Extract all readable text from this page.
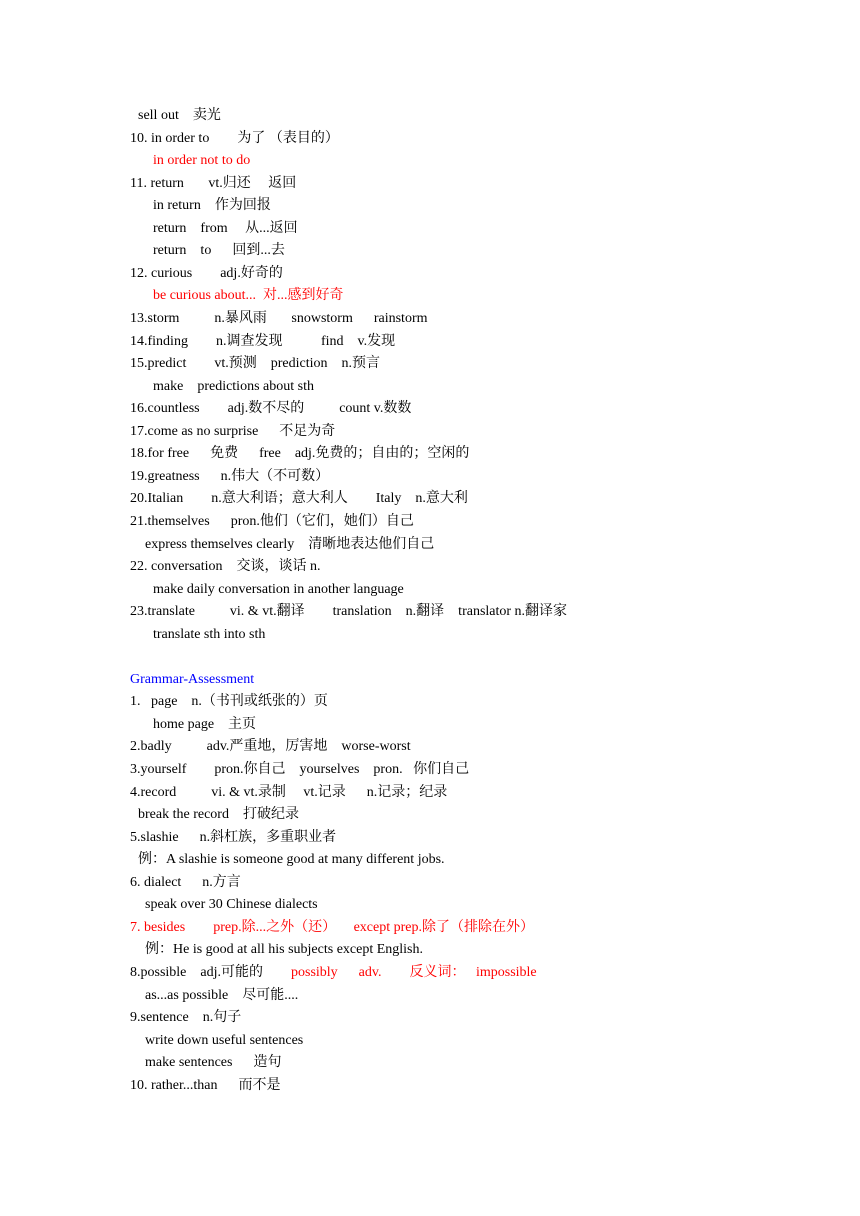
sell out    卖光
10. in order to        为了 （表目的）
in order not to do
11. return       vt.归还     返回
in return    作为回报
return    from     从...返回
return    to      回到...去
12. curious        adj.好奇的
be curious about...  对...感到好奇
13.storm          n.暴风雨       snowstorm      rainstorm
14.finding        n.调查发现           find    v.发现
15.predict        vt.预测    prediction    n.预言
make    predictions about sth
16.countless        adj.数不尽的          count v.数数
17.come as no surprise      不足为奇
18.for free      免费      free    adj.免费的；自由的；空闲的
19.greatness      n.伟大（不可数）
20.Italian        n.意大利语；意大利人        Italy    n.意大利
21.themselves      pron.他们（它们，她们）自己
express themselves clearly    清晰地表达他们自己
22. conversation    交谈，谈话 n.
make daily conversation in another language
23.translate          vi. & vt.翻译        translation    n.翻译    translator n.翻译家
translate sth into sth
Grammar-Assessment
1.   page    n.（书刊或纸张的）页
home page    主页
2.badly          adv.严重地，厉害地    worse-worst
3.yourself        pron.你自己    yourselves    pron.   你们自己
4.record          vi. & vt.录制     vt.记录      n.记录；纪录
break the record    打破纪录
5.slashie      n.斜杠族，多重职业者
例：A slashie is someone good at many different jobs.
6. dialect      n.方言
speak over 30 Chinese dialects
7. besides        prep.除...之外（还）     except prep.除了（排除在外）
例：He is good at all his subjects except English.
8.possible    adj.可能的        possibly      adv.        反义词：   impossible
as...as possible    尽可能....
9.sentence    n.句子
write down useful sentences
make sentences      造句
10. rather...than      而不是
